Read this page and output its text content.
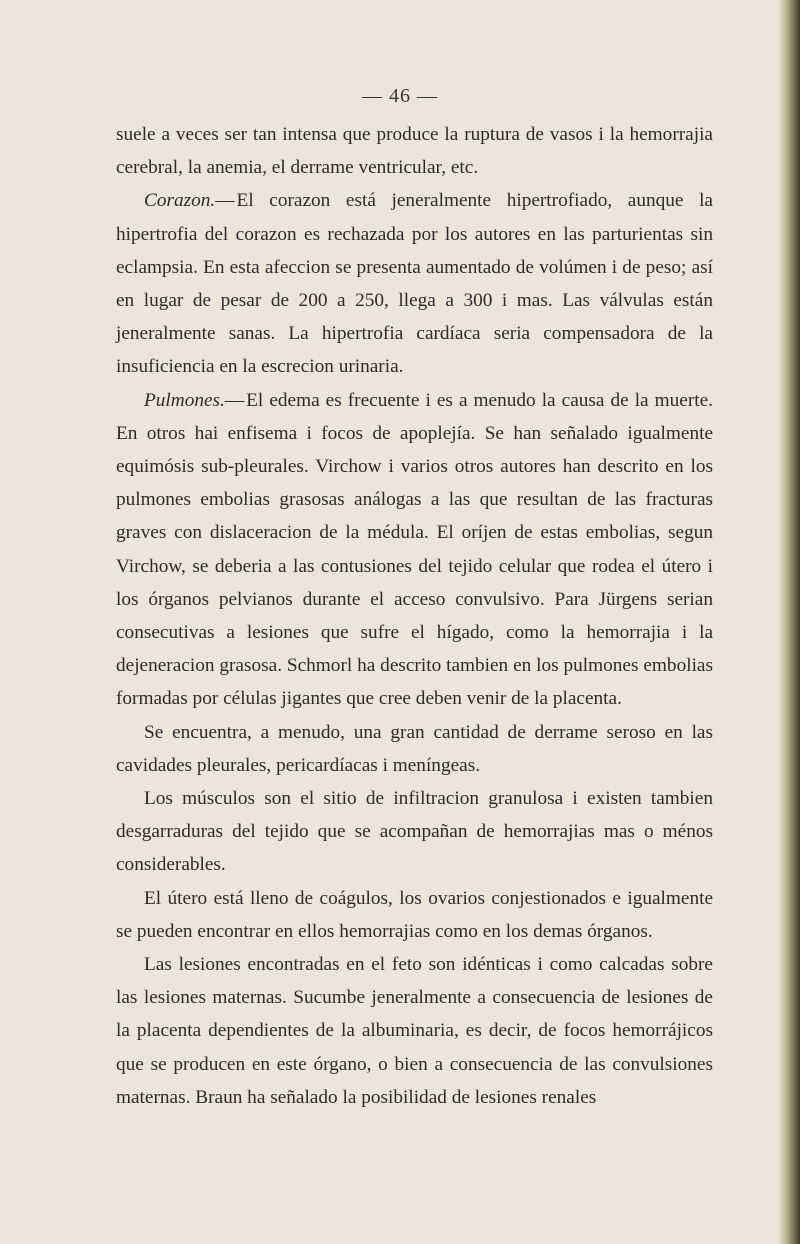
— 46 —

suele a veces ser tan intensa que produce la ruptura de vasos i la hemorrajia cerebral, la anemia, el derrame ventricular, etc.

Corazon.— El corazon está jeneralmente hipertrofiado, aunque la hipertrofia del corazon es rechazada por los autores en las parturientas sin eclampsia. En esta afeccion se presenta aumentado de volúmen i de peso; así en lugar de pesar de 200 a 250, llega a 300 i mas. Las válvulas están jeneralmente sanas. La hipertrofia cardíaca seria compensadora de la insuficiencia en la escrecion urinaria.

Pulmones.— El edema es frecuente i es a menudo la causa de la muerte. En otros hai enfisema i focos de apoplejía. Se han señalado igualmente equimósis sub-pleurales. Virchow i varios otros autores han descrito en los pulmones embolias grasosas análogas a las que resultan de las fracturas graves con dislaceracion de la médula. El oríjen de estas embolias, segun Virchow, se deberia a las contusiones del tejido celular que rodea el útero i los órganos pelvianos durante el acceso convulsivo. Para Jürgens serian consecutivas a lesiones que sufre el hígado, como la hemorrajia i la dejeneracion grasosa. Schmorl ha descrito tambien en los pulmones embolias formadas por células jigantes que cree deben venir de la placenta.

Se encuentra, a menudo, una gran cantidad de derrame seroso en las cavidades pleurales, pericardíacas i meníngeas.

Los músculos son el sitio de infiltracion granulosa i existen tambien desgarraduras del tejido que se acompañan de hemorrajias mas o ménos considerables.

El útero está lleno de coágulos, los ovarios conjestionados e igualmente se pueden encontrar en ellos hemorrajias como en los demas órganos.

Las lesiones encontradas en el feto son idénticas i como calcadas sobre las lesiones maternas. Sucumbe jeneralmente a consecuencia de lesiones de la placenta dependientes de la albuminaria, es decir, de focos hemorrájicos que se producen en este órgano, o bien a consecuencia de las convulsiones maternas. Braun ha señalado la posibilidad de lesiones renales
